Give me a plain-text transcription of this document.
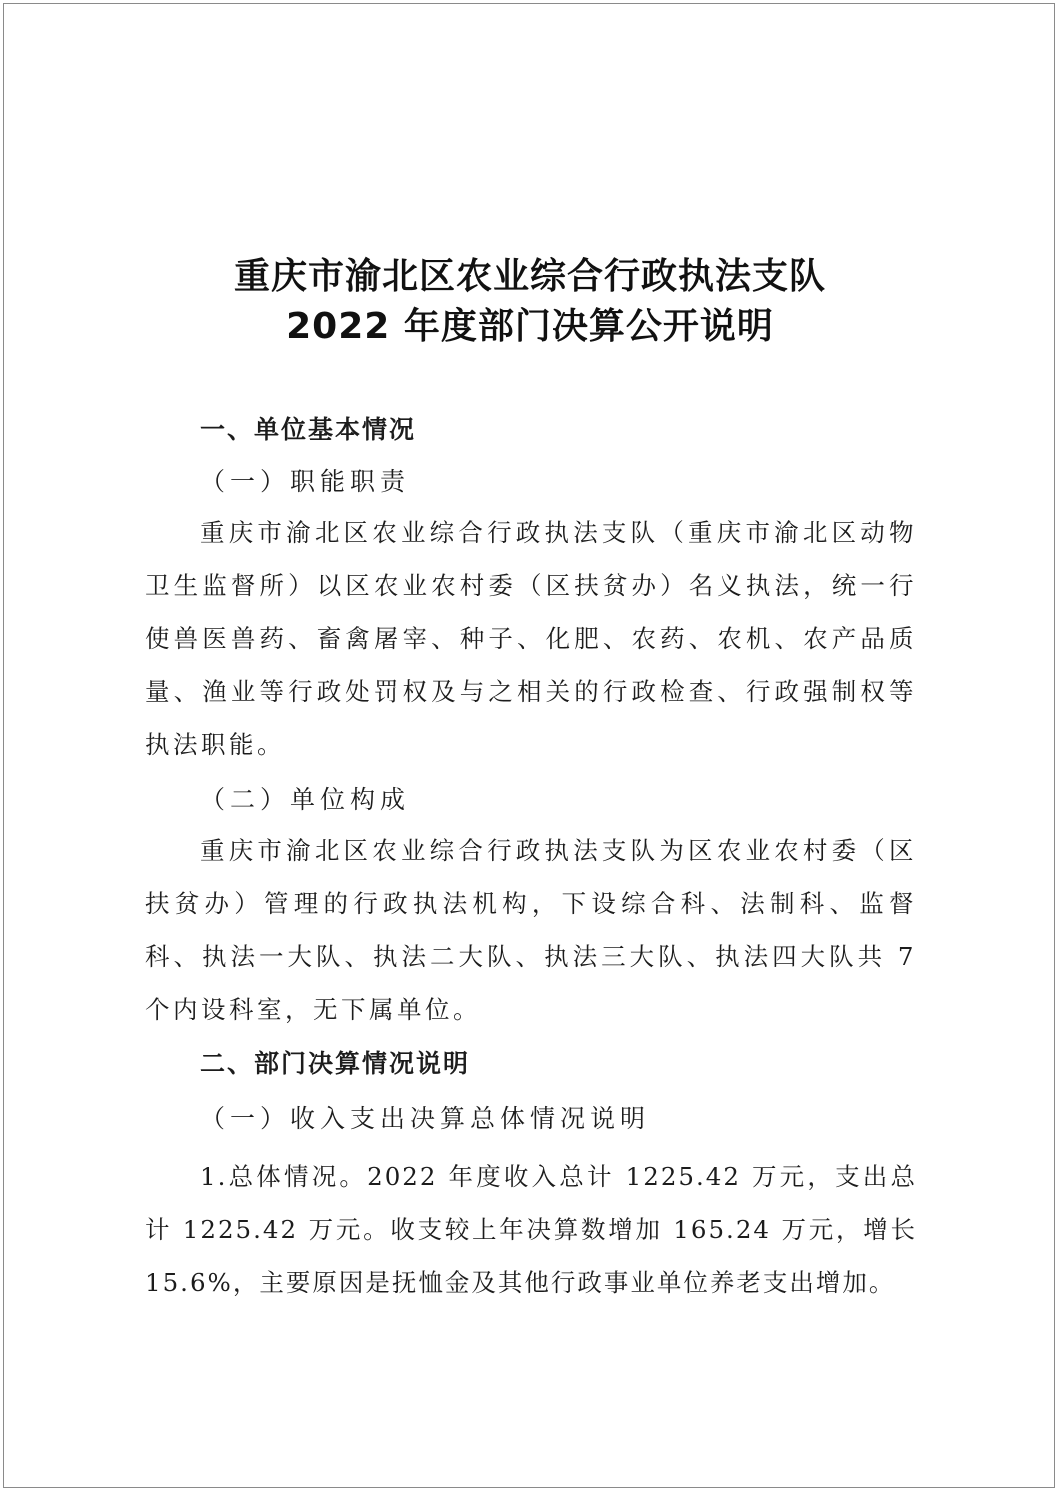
重庆市渝北区农业综合行政执法支队
2022 年度部门决算公开说明
一、单位基本情况
（一）职能职责

重庆市渝北区农业综合行政执法支队（重庆市渝北区动物卫生监督所）以区农业农村委（区扶贫办）名义执法，统一行使兽医兽药、畜禽屠宰、种子、化肥、农药、农机、农产品质量、渔业等行政处罚权及与之相关的行政检查、行政强制权等执法职能。

（二）单位构成

重庆市渝北区农业综合行政执法支队为区农业农村委（区扶贫办）管理的行政执法机构，下设综合科、法制科、监督科、执法一大队、执法二大队、执法三大队、执法四大队共 7 个内设科室，无下属单位。

二、部门决算情况说明
（一）收入支出决算总体情况说明

1.总体情况。2022 年度收入总计 1225.42 万元，支出总计 1225.42 万元。收支较上年决算数增加 165.24 万元，增长 15.6%，主要原因是抚恤金及其他行政事业单位养老支出增加。
